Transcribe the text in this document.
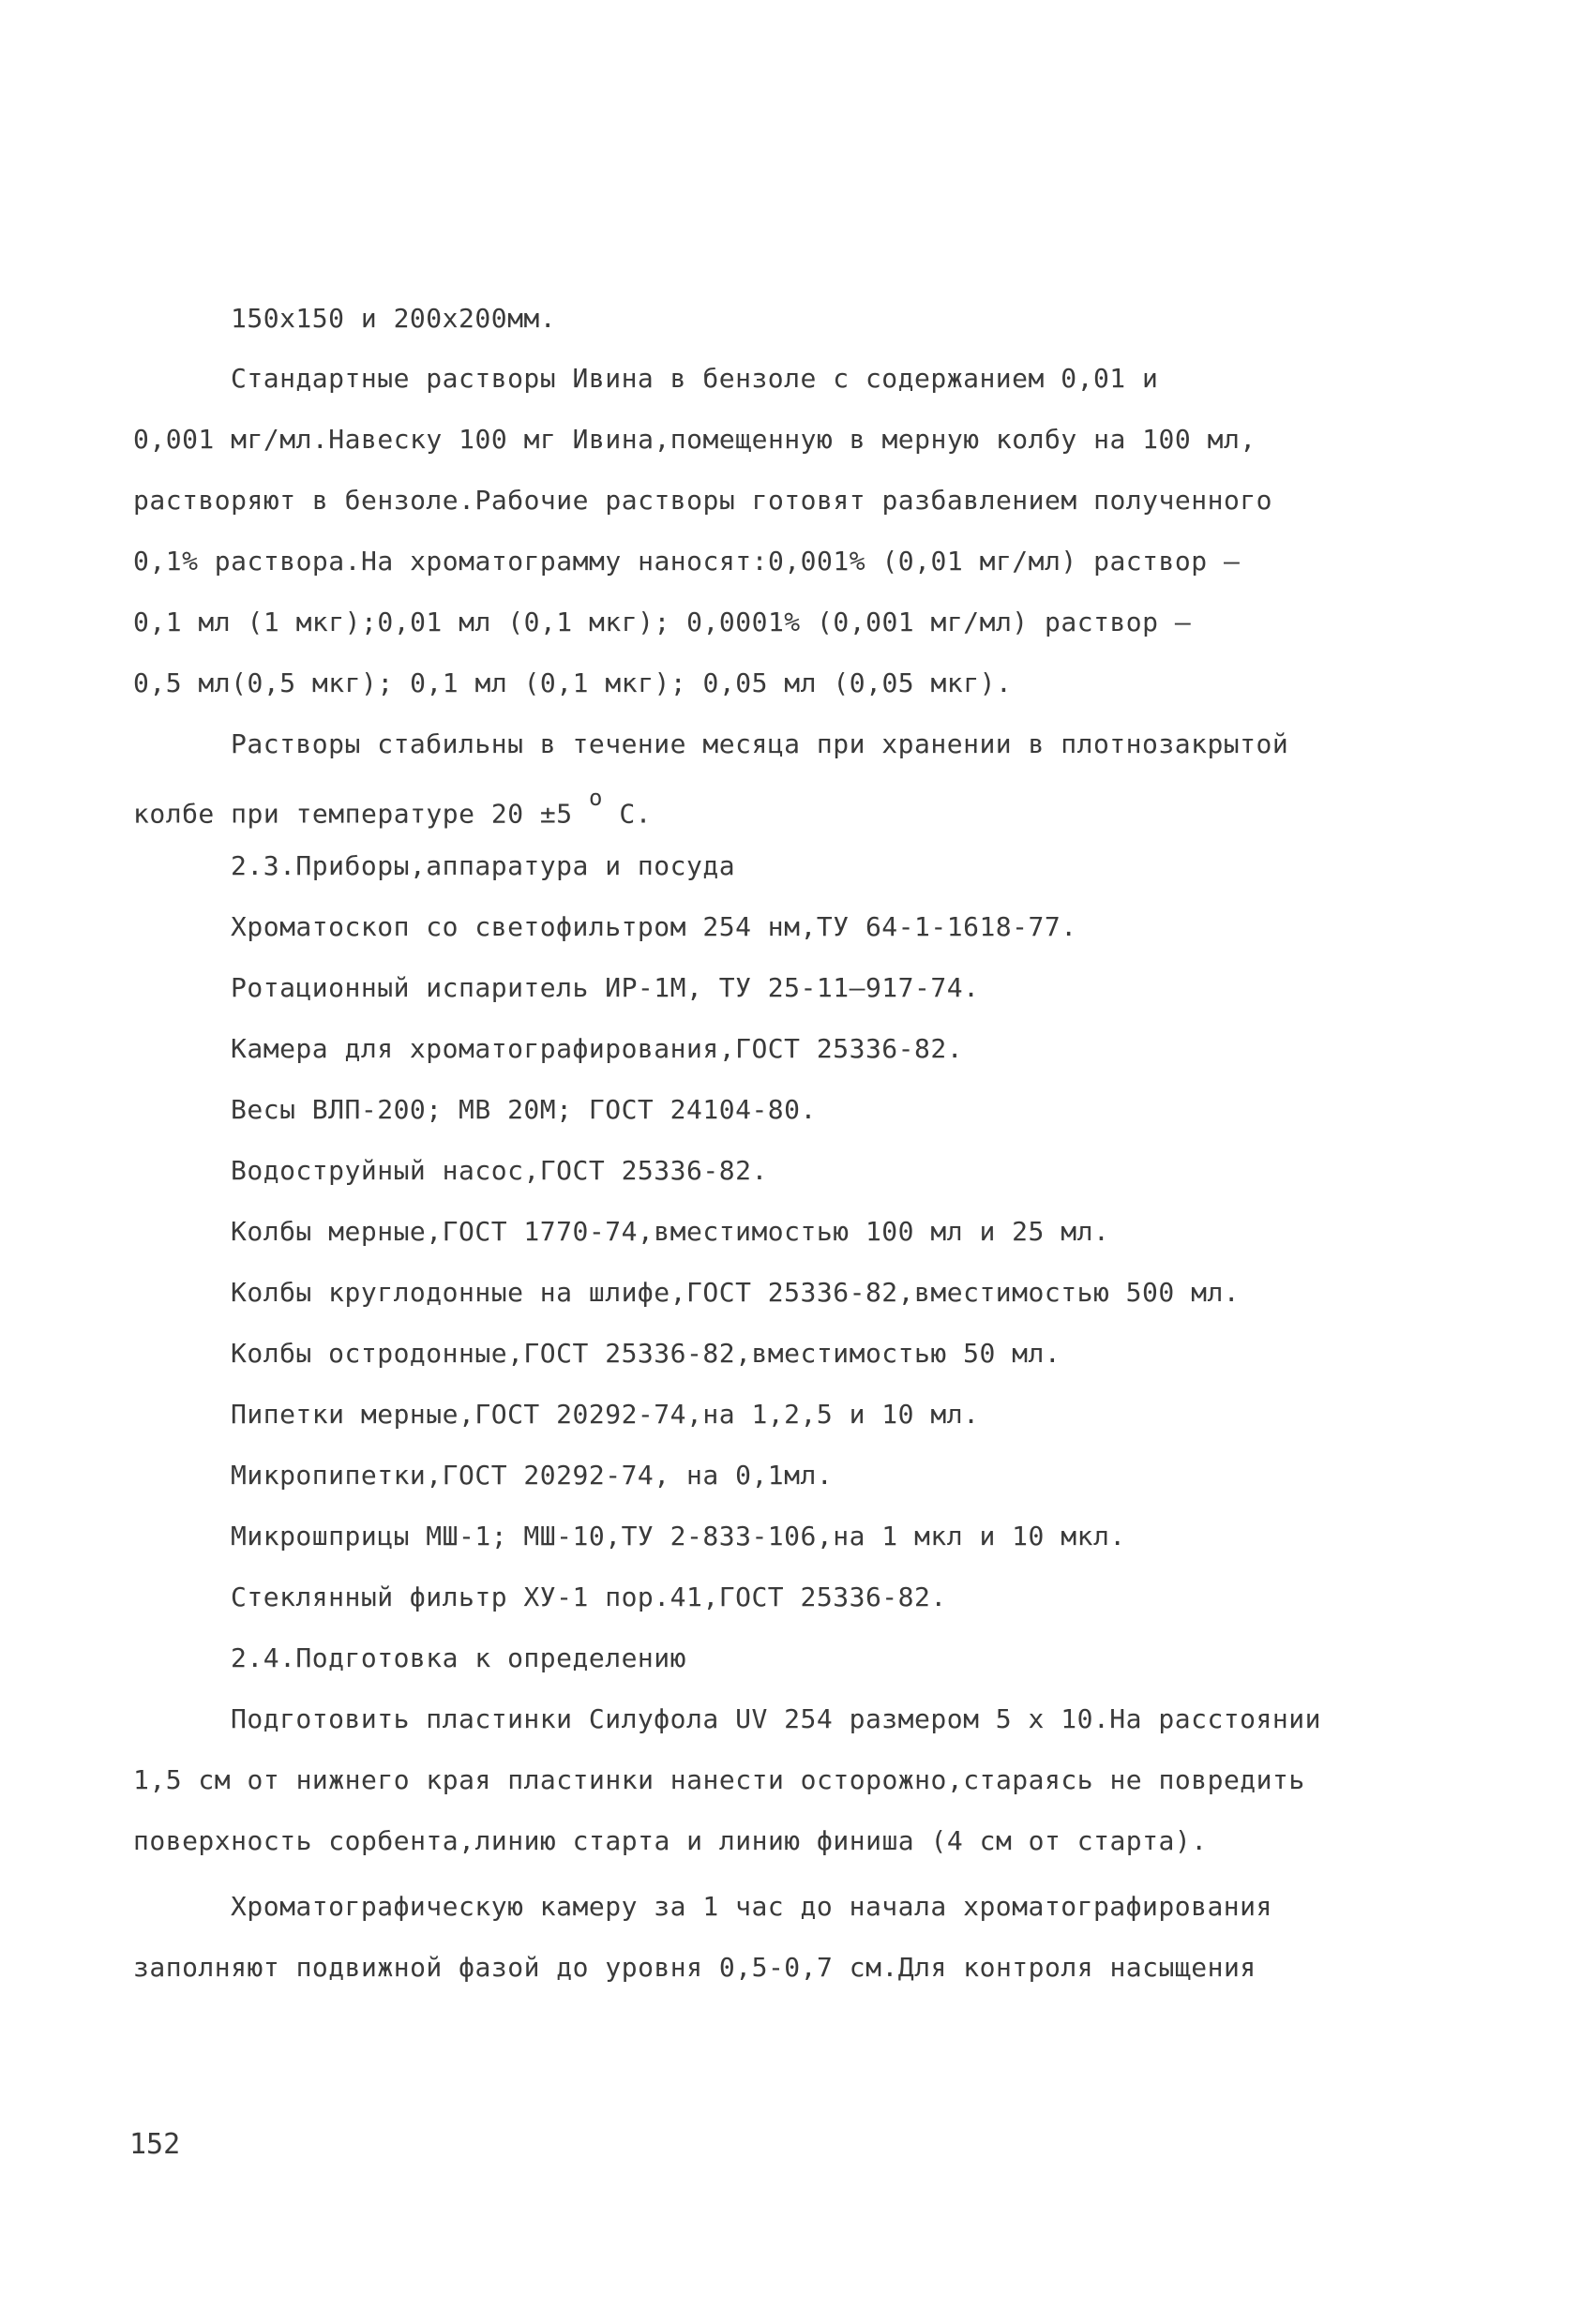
150x150 и 200x200мм.
Стандартные растворы Ивина в бензоле с содержанием 0,01 и
0,001 мг/мл.Навеску 100 мг Ивина,помещенную в мерную колбу на 100 мл,
растворяют в бензоле.Рабочие растворы готовят разбавлением полученного
0,1% раствора.На хроматограмму наносят:0,001% (0,01 мг/мл) раствор –
0,1 мл (1 мкг);0,01 мл (0,1 мкг); 0,0001% (0,001 мг/мл) раствор –
0,5 мл(0,5 мкг); 0,1 мл (0,1 мкг); 0,05 мл (0,05 мкг).
Растворы стабильны в течение месяца при хранении в плотнозакрытой
колбе при температуре 20 ±5 $^o$ С.
2.3.Приборы,аппаратура и посуда
Хроматоскоп со светофильтром 254 нм,ТУ 64-1-1618-77.
Ротационный испаритель ИР-1М, ТУ 25-11—917-74.
Камера для хроматографирования,ГОСТ 25336-82.
Весы ВЛП-200; МВ 20М; ГОСТ 24104-80.
Водоструйный насос,ГОСТ 25336-82.
Колбы мерные,ГОСТ 1770-74,вместимостью 100 мл и 25 мл.
Колбы круглодонные на шлифе,ГОСТ 25336-82,вместимостью 500 мл.
Колбы остродонные,ГОСТ 25336-82,вместимостью 50 мл.
Пипетки мерные,ГОСТ 20292-74,на 1,2,5 и 10 мл.
Микропипетки,ГОСТ 20292-74, на 0,1мл.
Микрошприцы МШ-1; МШ-10,ТУ 2-833-106,на 1 мкл и 10 мкл.
Стеклянный фильтр ХУ-1 пор.41,ГОСТ 25336-82.
2.4.Подготовка к определению
Подготовить пластинки Силуфола UV 254 размером 5 x 10.На расстоянии
1,5 см от нижнего края пластинки нанести осторожно,стараясь не повредить
поверхность сорбента,линию старта и линию финиша (4 см от старта).
Хроматографическую камеру за 1 час до начала хроматографирования
заполняют подвижной фазой до уровня 0,5-0,7 см.Для контроля насыщения
152
